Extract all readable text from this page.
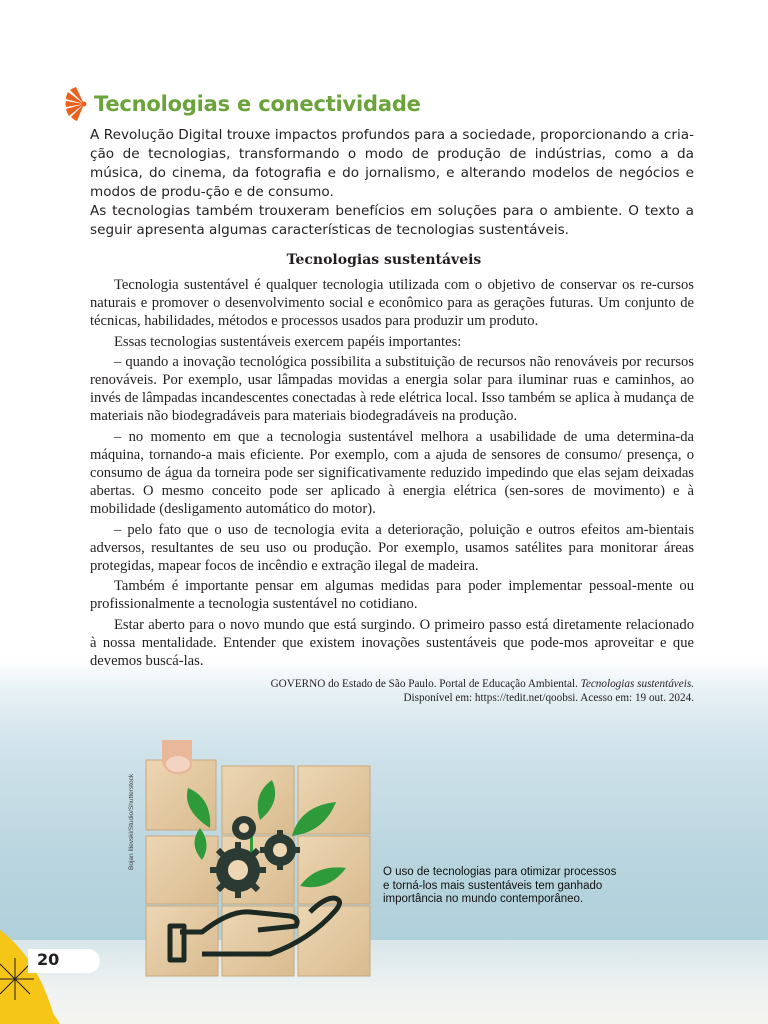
Tecnologias e conectividade

A Revolução Digital trouxe impactos profundos para a sociedade, proporcionando a cria-ção de tecnologias, transformando o modo de produção de indústrias, como a da música, do cinema, da fotografia e do jornalismo, e alterando modelos de negócios e modos de produ-ção e de consumo.

As tecnologias também trouxeram benefícios em soluções para o ambiente. O texto a seguir apresenta algumas características de tecnologias sustentáveis.

Tecnologias sustentáveis

Tecnologia sustentável é qualquer tecnologia utilizada com o objetivo de conservar os re-cursos naturais e promover o desenvolvimento social e econômico para as gerações futuras. Um conjunto de técnicas, habilidades, métodos e processos usados para produzir um produto.

Essas tecnologias sustentáveis exercem papéis importantes:

– quando a inovação tecnológica possibilita a substituição de recursos não renováveis por recursos renováveis. Por exemplo, usar lâmpadas movidas a energia solar para iluminar ruas e caminhos, ao invés de lâmpadas incandescentes conectadas à rede elétrica local. Isso também se aplica à mudança de materiais não biodegradáveis para materiais biodegradáveis na produção.

– no momento em que a tecnologia sustentável melhora a usabilidade de uma determina-da máquina, tornando-a mais eficiente. Por exemplo, com a ajuda de sensores de consumo/ presença, o consumo de água da torneira pode ser significativamente reduzido impedindo que elas sejam deixadas abertas. O mesmo conceito pode ser aplicado à energia elétrica (sen-sores de movimento) e à mobilidade (desligamento automático do motor).

– pelo fato que o uso de tecnologia evita a deterioração, poluição e outros efeitos am-bientais adversos, resultantes de seu uso ou produção. Por exemplo, usamos satélites para monitorar áreas protegidas, mapear focos de incêndio e extração ilegal de madeira.

Também é importante pensar em algumas medidas para poder implementar pessoal-mente ou profissionalmente a tecnologia sustentável no cotidiano.

Estar aberto para o novo mundo que está surgindo. O primeiro passo está diretamente relacionado à nossa mentalidade. Entender que existem inovações sustentáveis que pode-mos aproveitar e que devemos buscá-las.

GOVERNO do Estado de São Paulo. Portal de Educação Ambiental. Tecnologias sustentáveis.
Disponível em: https://tedit.net/qoobsi. Acesso em: 19 out. 2024.
Bojan Ilievski/Studio/Shutterstock
O uso de tecnologias para otimizar processos e torná-los mais sustentáveis tem ganhado importância no mundo contemporâneo.
20
